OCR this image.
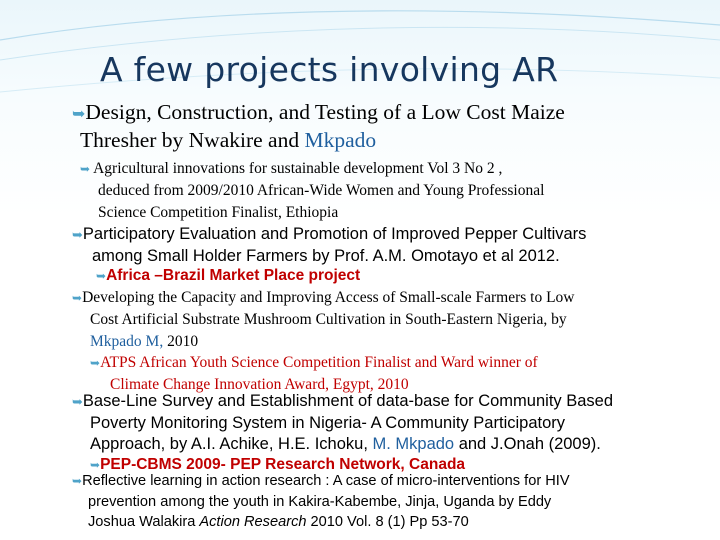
A few projects involving AR
➥Design, Construction, and Testing of a Low Cost Maize
Thresher by Nwakire and Mkpado
➥ Agricultural innovations for sustainable development Vol 3 No 2 ,
deduced from 2009/2010 African-Wide Women and Young Professional
Science Competition Finalist, Ethiopia
➥Participatory Evaluation and Promotion of Improved Pepper Cultivars
among Small Holder Farmers by Prof. A.M. Omotayo et al 2012.
➥Africa –Brazil Market Place project
➥Developing the Capacity and Improving Access of Small-scale Farmers to Low
Cost Artificial Substrate Mushroom Cultivation in South-Eastern Nigeria, by
Mkpado M, 2010
➥ATPS African Youth Science Competition Finalist and Ward winner of
Climate Change Innovation Award, Egypt, 2010
➥Base-Line Survey and Establishment of data-base for Community Based
Poverty Monitoring System in Nigeria- A Community Participatory
Approach, by A.I. Achike, H.E. Ichoku, M. Mkpado and J.Onah (2009).
➥PEP-CBMS 2009- PEP Research Network, Canada
➥Reflective learning in action research : A case of micro-interventions for HIV
prevention among the youth in Kakira-Kabembe, Jinja, Uganda by Eddy
Joshua Walakira Action Research 2010 Vol. 8 (1) Pp 53-70
